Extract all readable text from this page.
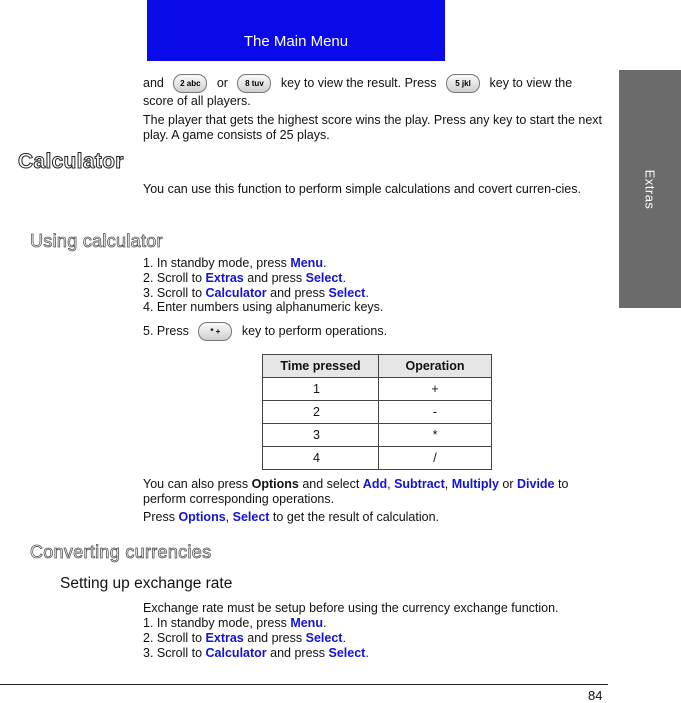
The Main Menu
Extras
and 2 abc or 8 tuv key to view the result. Press 5 jkl key to view the
score of all players.
The player that gets the highest score wins the play. Press any key to start the next play. A game consists of 25 plays.
Calculator
You can use this function to perform simple calculations and covert curren-cies.
Using calculator
1. In standby mode, press Menu.
2. Scroll to Extras and press Select.
3. Scroll to Calculator and press Select.
4. Enter numbers using alphanumeric keys.
5. Press	* + key to perform operations.
Time pressed	Operation
1	+
2	-
3	*
4	/
You can also press Options and select Add, Subtract, Multiply or Divide to perform corresponding operations.
Press Options, Select to get the result of calculation.
Converting currencies
Setting up exchange rate
Exchange rate must be setup before using the currency exchange function.
1. In standby mode, press Menu.
2. Scroll to Extras and press Select.
3. Scroll to Calculator and press Select.
84
